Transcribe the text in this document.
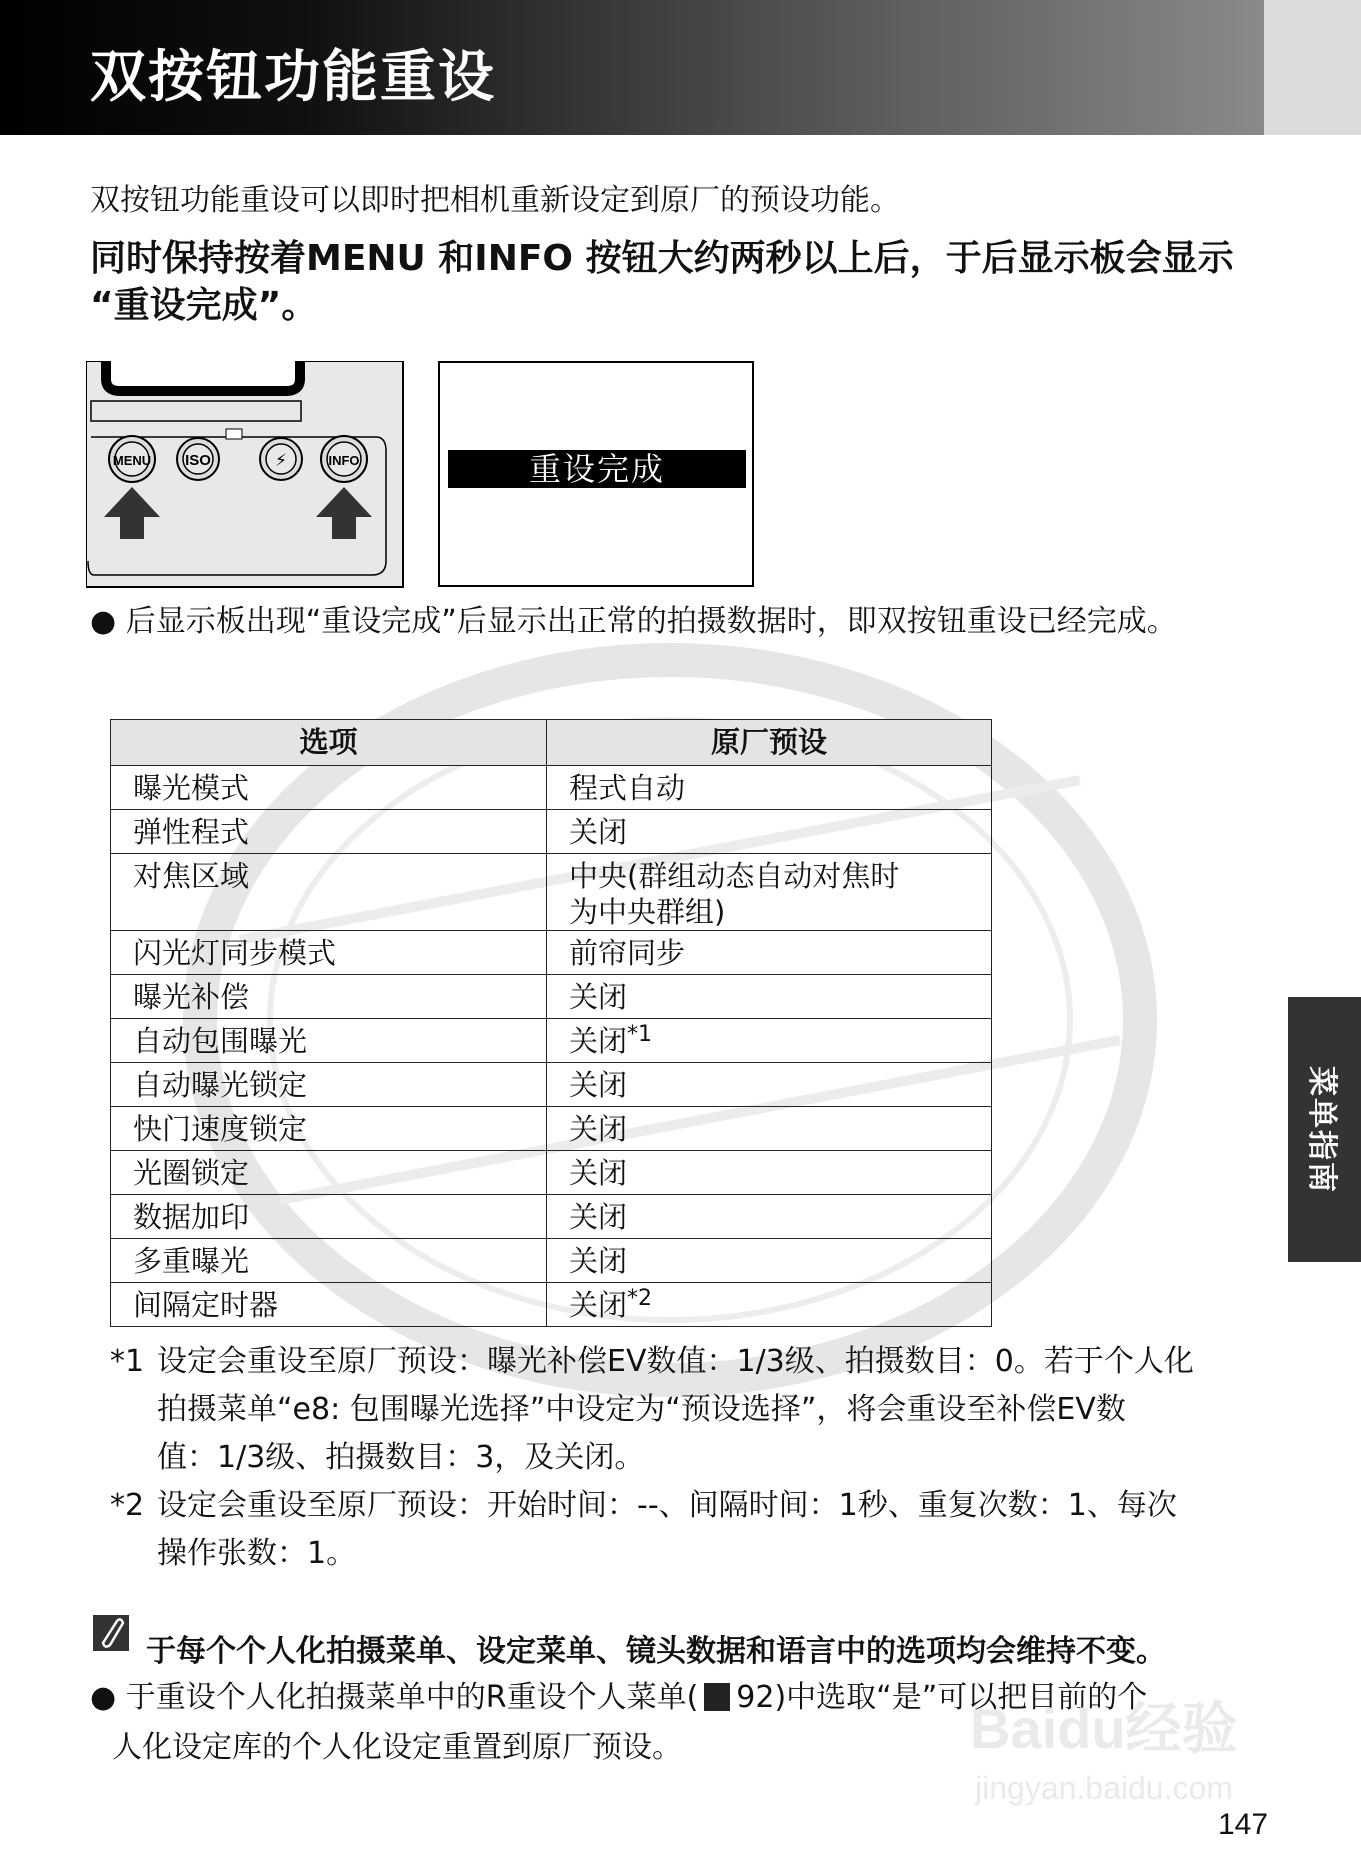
双按钮功能重设
双按钮功能重设可以即时把相机重新设定到原厂的预设功能。
同时保持按着MENU 和INFO 按钮大约两秒以上后，于后显示板会显示
“重设完成”。
MENU ISO	⚡	INFO	重设完成
● 后显示板出现“重设完成”后显示出正常的拍摄数据时，即双按钮重设已经完成。
选项	原厂预设
曝光模式	程式自动
弹性程式	关闭
对焦区域	中央(群组动态自动对焦时
为中央群组)
闪光灯同步模式	前帘同步
曝光补偿	关闭
自动包围曝光	关闭$^{*1}$
自动曝光锁定	关闭
快门速度锁定	关闭
光圈锁定	关闭
数据加印	关闭
多重曝光	关闭
间隔定时器	关闭$^{*2}$
*1 设定会重设至原厂预设：曝光补偿EV数值：1/3级、拍摄数目：0。若于个人化
拍摄菜单“e8: 包围曝光选择”中设定为“预设选择”，将会重设至补偿EV数
值：1/3级、拍摄数目：3，及关闭。
*2 设定会重设至原厂预设：开始时间：--、间隔时间：1秒、重复次数：1、每次
操作张数：1。
于每个个人化拍摄菜单、设定菜单、镜头数据和语言中的选项均会维持不变。
● 于重设个人化拍摄菜单中的R重设个人菜单( 92)中选取“是”可以把目前的个
人化设定库的个人化设定重置到原厂预设。	Baidu经验
jingyan.baidu.com
菜单指南
147
